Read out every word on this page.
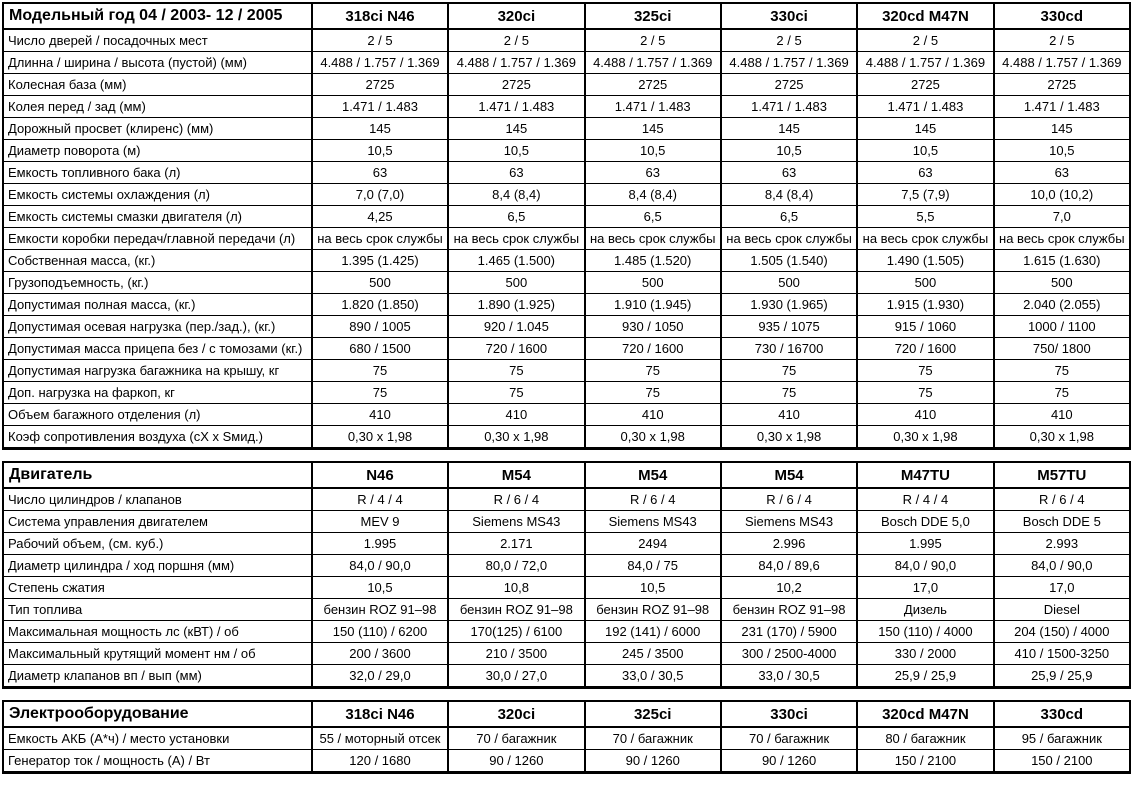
Модельный год 04 / 2003- 12 / 2005	318ci N46	320ci	325ci	330ci	320cd M47N	330cd
Число дверей / посадочных мест	2 / 5	2 / 5	2 / 5	2 / 5	2 / 5	2 / 5
Длинна / ширина / высота (пустой) (мм)	4.488 / 1.757 / 1.369	4.488 / 1.757 / 1.369	4.488 / 1.757 / 1.369	4.488 / 1.757 / 1.369	4.488 / 1.757 / 1.369	4.488 / 1.757 / 1.369
Колесная база (мм)	2725	2725	2725	2725	2725	2725
Колея перед / зад (мм)	1.471 / 1.483	1.471 / 1.483	1.471 / 1.483	1.471 / 1.483	1.471 / 1.483	1.471 / 1.483
Дорожный просвет (клиренс) (мм)	145	145	145	145	145	145
Диаметр поворота (м)	10,5	10,5	10,5	10,5	10,5	10,5
Емкость топливного бака (л)	63	63	63	63	63	63
Емкость системы охлаждения (л)	7,0 (7,0)	8,4 (8,4)	8,4 (8,4)	8,4 (8,4)	7,5 (7,9)	10,0 (10,2)
Емкость системы смазки двигателя (л)	4,25	6,5	6,5	6,5	5,5	7,0
Емкости коробки передач/главной передачи (л)	на весь срок службы	на весь срок службы	на весь срок службы	на весь срок службы	на весь срок службы	на весь срок службы
Собственная масса, (кг.)	1.395 (1.425)	1.465 (1.500)	1.485 (1.520)	1.505 (1.540)	1.490 (1.505)	1.615 (1.630)
Грузоподъемность, (кг.)	500	500	500	500	500	500
Допустимая полная масса, (кг.)	1.820 (1.850)	1.890 (1.925)	1.910 (1.945)	1.930 (1.965)	1.915 (1.930)	2.040 (2.055)
Допустимая осевая нагрузка (пер./зад.), (кг.)	890 / 1005	920 / 1.045	930 / 1050	935 / 1075	915 / 1060	1000 / 1100
Допустимая масса прицепа без / с томозами (кг.)	680 / 1500	720 / 1600	720 / 1600	730 / 16700	720 / 1600	750/ 1800
Допустимая нагрузка багажника на крышу, кг	75	75	75	75	75	75
Доп. нагрузка на фаркоп, кг	75	75	75	75	75	75
Объем багажного отделения (л)	410	410	410	410	410	410
Коэф сопротивления воздуха (сХ х Sмид.)	0,30 х 1,98	0,30 х 1,98	0,30 х 1,98	0,30 х 1,98	0,30 х 1,98	0,30 х 1,98
Двигатель	N46	M54	M54	M54	M47TU	M57TU
Число цилиндров / клапанов	R / 4 / 4	R / 6 / 4	R / 6 / 4	R / 6 / 4	R / 4 / 4	R / 6 / 4
Система управления двигателем	MEV 9	Siemens MS43	Siemens MS43	Siemens MS43	Bosch DDE 5,0	Bosch DDE 5
Рабочий объем, (см. куб.)	1.995	2.171	2494	2.996	1.995	2.993
Диаметр цилиндра / ход поршня (мм)	84,0 / 90,0	80,0 / 72,0	84,0 / 75	84,0 / 89,6	84,0 / 90,0	84,0 / 90,0
Степень сжатия	10,5	10,8	10,5	10,2	17,0	17,0
Тип топлива	бензин ROZ 91–98	бензин ROZ 91–98	бензин ROZ 91–98	бензин ROZ 91–98	Дизель	Diesel
Максимальная мощность лс (кВТ) / об	150 (110) / 6200	170(125) / 6100	192 (141) / 6000	231 (170) / 5900	150 (110) / 4000	204 (150) / 4000
Максимальный крутящий момент нм / об	200 / 3600	210 / 3500	245 / 3500	300 / 2500-4000	330 / 2000	410 / 1500-3250
Диаметр клапанов вп / вып (мм)	32,0 / 29,0	30,0 / 27,0	33,0 / 30,5	33,0 / 30,5	25,9 / 25,9	25,9 / 25,9
Электрооборудование	318ci N46	320ci	325ci	330ci	320cd M47N	330cd
Емкость АКБ (А*ч) / место установки	55 / моторный отсек	70 / багажник	70 / багажник	70 / багажник	80 / багажник	95 / багажник
Генератор ток / мощность (А) / Вт	120 / 1680	90 / 1260	90 / 1260	90 / 1260	150 / 2100	150 / 2100
